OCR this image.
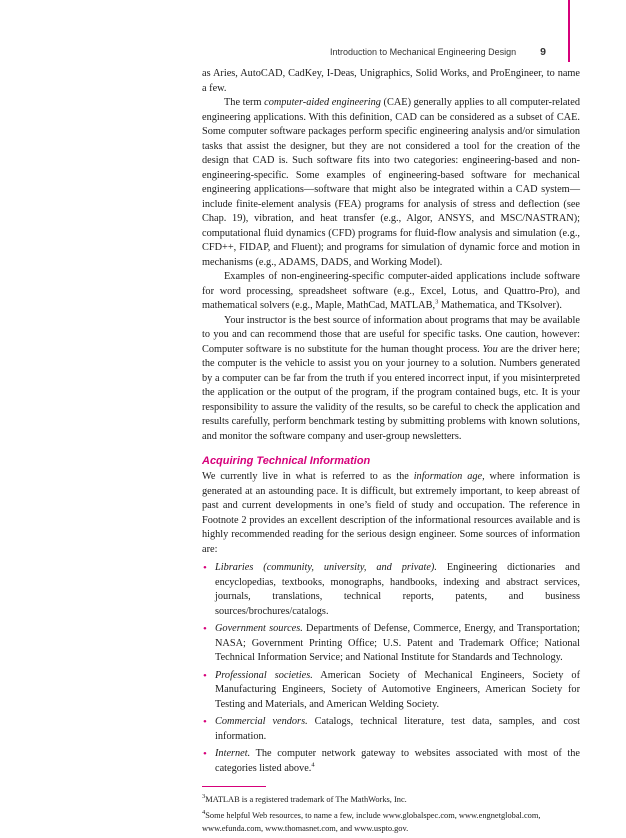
Introduction to Mechanical Engineering Design 9

as Aries, AutoCAD, CadKey, I-Deas, Unigraphics, Solid Works, and ProEngineer, to name a few.

The term computer-aided engineering (CAE) generally applies to all computer-related engineering applications. With this definition, CAD can be considered as a subset of CAE. Some computer software packages perform specific engineering analysis and/or simulation tasks that assist the designer, but they are not considered a tool for the creation of the design that CAD is. Such software fits into two categories: engineering-based and non-engineering-specific. Some examples of engineering-based software for mechanical engineering applications—software that might also be integrated within a CAD system—include finite-element analysis (FEA) programs for analysis of stress and deflection (see Chap. 19), vibration, and heat transfer (e.g., Algor, ANSYS, and MSC/NASTRAN); computational fluid dynamics (CFD) programs for fluid-flow analysis and simulation (e.g., CFD++, FIDAP, and Fluent); and programs for simulation of dynamic force and motion in mechanisms (e.g., ADAMS, DADS, and Working Model).

Examples of non-engineering-specific computer-aided applications include software for word processing, spreadsheet software (e.g., Excel, Lotus, and Quattro-Pro), and mathematical solvers (e.g., Maple, MathCad, MATLAB,$^3$ Mathematica, and TKsolver).

Your instructor is the best source of information about programs that may be available to you and can recommend those that are useful for specific tasks. One caution, however: Computer software is no substitute for the human thought process. You are the driver here; the computer is the vehicle to assist you on your journey to a solution. Numbers generated by a computer can be far from the truth if you entered incorrect input, if you misinterpreted the application or the output of the program, if the program contained bugs, etc. It is your responsibility to assure the validity of the results, so be careful to check the application and results carefully, perform benchmark testing by submitting problems with known solutions, and monitor the software company and user-group newsletters.

Acquiring Technical Information

We currently live in what is referred to as the information age, where information is generated at an astounding pace. It is difficult, but extremely important, to keep abreast of past and current developments in one’s field of study and occupation. The reference in Footnote 2 provides an excellent description of the informational resources available and is highly recommended reading for the serious design engineer. Some sources of information are:

• Libraries (community, university, and private). Engineering dictionaries and encyclopedias, textbooks, monographs, handbooks, indexing and abstract services, journals, translations, technical reports, patents, and business sources/brochures/catalogs.
• Government sources. Departments of Defense, Commerce, Energy, and Transportation; NASA; Government Printing Office; U.S. Patent and Trademark Office; National Technical Information Service; and National Institute for Standards and Technology.
• Professional societies. American Society of Mechanical Engineers, Society of Manufacturing Engineers, Society of Automotive Engineers, American Society for Testing and Materials, and American Welding Society.
• Commercial vendors. Catalogs, technical literature, test data, samples, and cost information.
• Internet. The computer network gateway to websites associated with most of the categories listed above.$^4$

$^3$MATLAB is a registered trademark of The MathWorks, Inc.

$^4$Some helpful Web resources, to name a few, include www.globalspec.com, www.engnetglobal.com, www.efunda.com, www.thomasnet.com, and www.uspto.gov.
